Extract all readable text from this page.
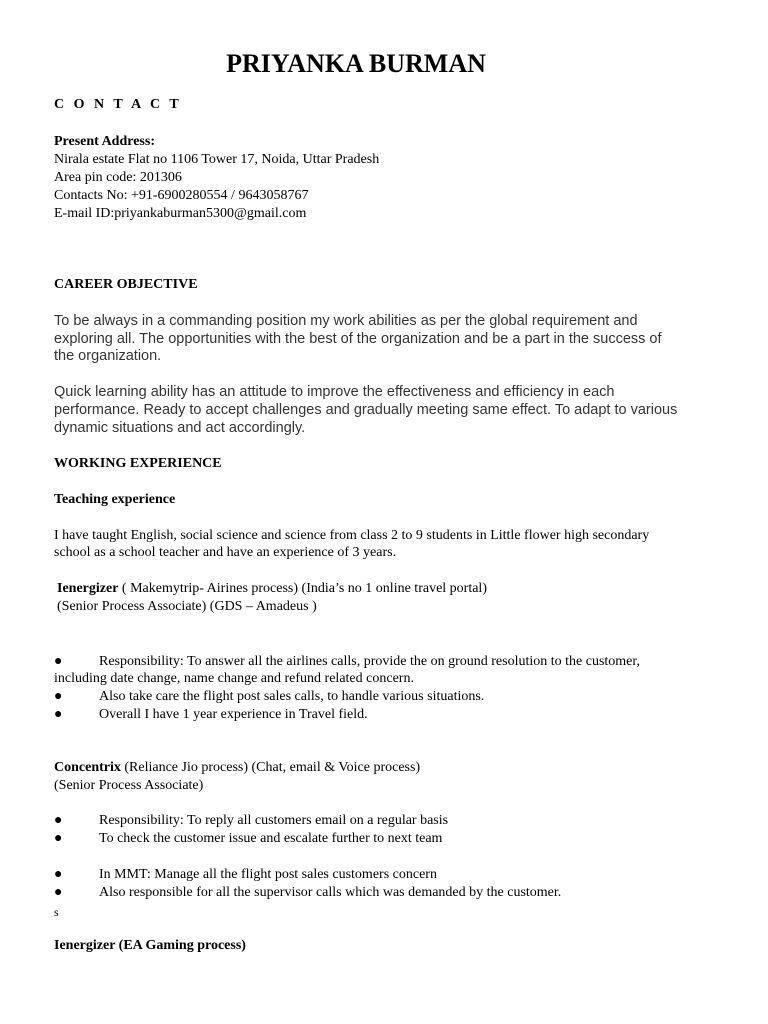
PRIYANKA BURMAN
C O N T A C T
Present Address:
Nirala estate Flat no 1106 Tower 17, Noida, Uttar Pradesh
Area pin code: 201306
Contacts No: +91-6900280554 / 9643058767
E-mail ID:priyankaburman5300@gmail.com
CAREER OBJECTIVE
To be always in a commanding position my work abilities as per the global requirement and
exploring all. The opportunities with the best of the organization and be a part in the success of
the organization.
Quick learning ability has an attitude to improve the effectiveness and efficiency in each
performance. Ready to accept challenges and gradually meeting same effect. To adapt to various
dynamic situations and act accordingly.
WORKING EXPERIENCE
Teaching experience
I have taught English, social science and science from class 2 to 9 students in Little flower high secondary
school as a school teacher and have an experience of 3 years.
Ienergizer ( Makemytrip- Airines process) (India’s no 1 online travel portal)
(Senior Process Associate) (GDS – Amadeus )
●	Responsibility: To answer all the airlines calls, provide the on ground resolution to the customer,
including date change, name change and refund related concern.
●	Also take care the flight post sales calls, to handle various situations.
●	Overall I have 1 year experience in Travel field.
Concentrix (Reliance Jio process) (Chat, email & Voice process)
(Senior Process Associate)
●	Responsibility: To reply all customers email on a regular basis
●	To check the customer issue and escalate further to next team
●	In MMT: Manage all the flight post sales customers concern
●	Also responsible for all the supervisor calls which was demanded by the customer.
s
Ienergizer (EA Gaming process)
